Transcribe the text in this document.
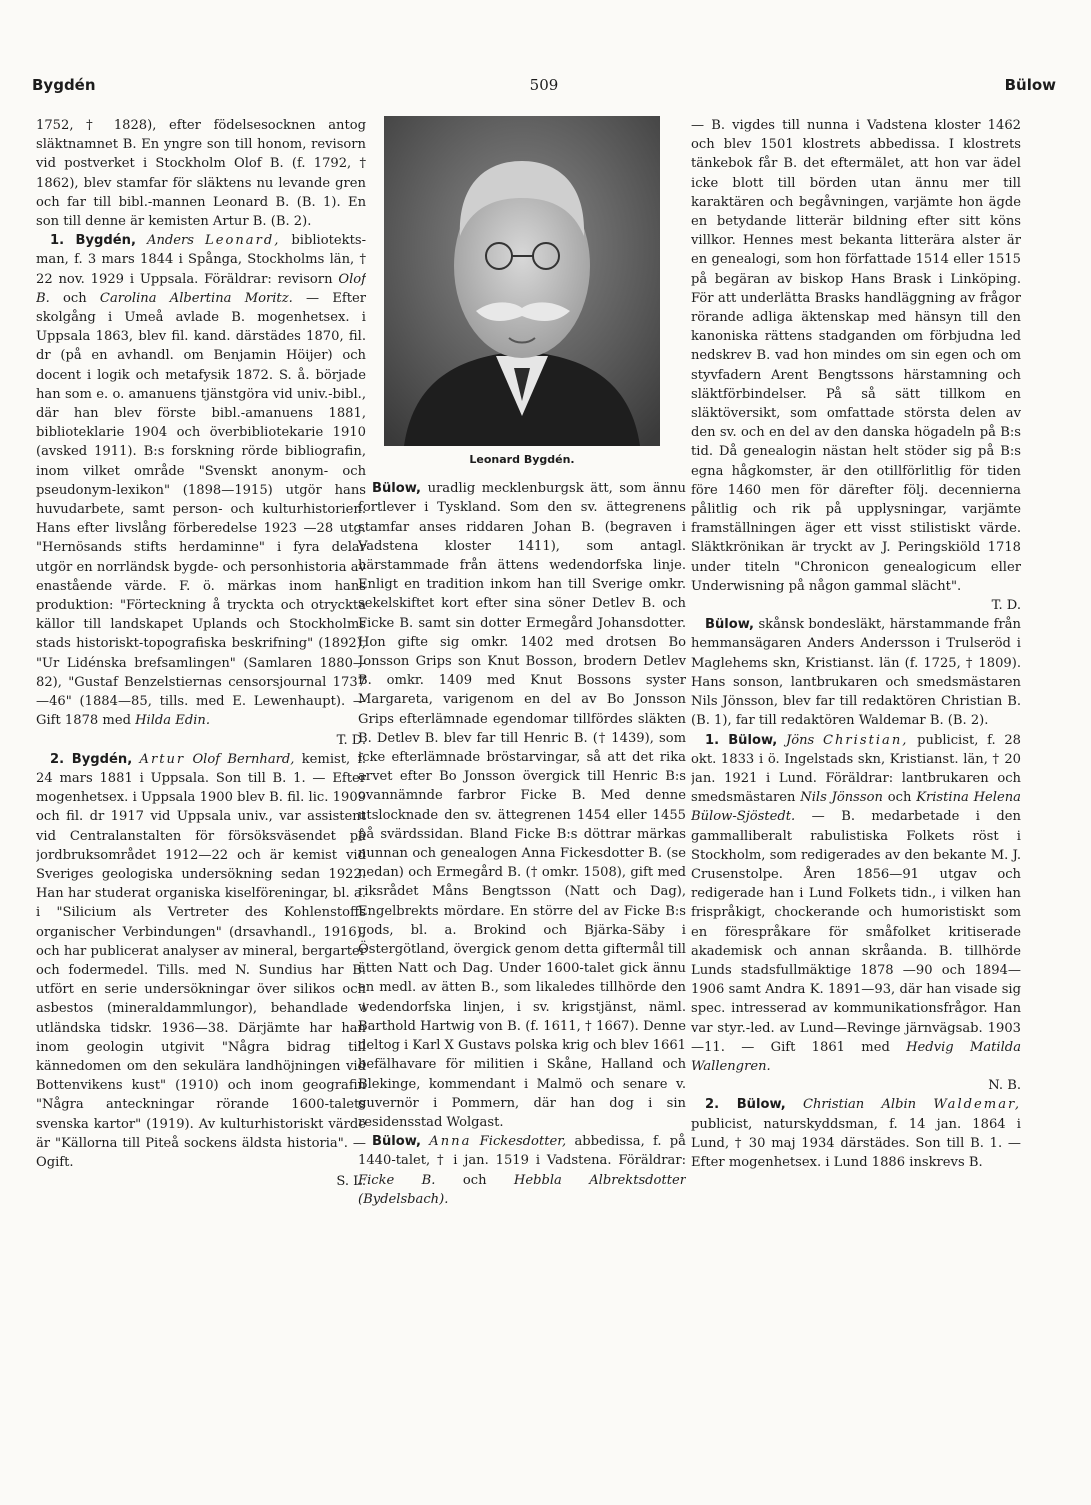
Bygdén	509	Bülow

1752, † 1828), efter födelsesocknen antog släktnamnet B. En yngre son till honom, revisorn vid postverket i Stockholm Olof B. (f. 1792, † 1862), blev stamfar för släktens nu levande gren och far till bibl.-mannen Leonard B. (B. 1). En son till denne är kemisten Artur B. (B. 2).

1. Bygdén, Anders Leonard, bibliotektsman, f. 3 mars 1844 i Spånga, Stockholms län, † 22 nov. 1929 i Uppsala. Föräldrar: revisorn Olof B. och Carolina Albertina Moritz. — Efter skolgång i Umeå avlade B. mogenhetsex. i Uppsala 1863, blev fil. kand. därstädes 1870, fil. dr (på en avhandl. om Benjamin Höijer) och docent i logik och metafysik 1872. S. å. började han som e. o. amanuens tjänstgöra vid univ.-bibl., där han blev förste bibl.-amanuens 1881, biblioteklarie 1904 och överbibliotekarie 1910 (avsked 1911). B:s forskning rörde bibliografin, inom vilket område "Svenskt anonym- och pseudonym-lexikon" (1898—1915) utgör hans huvudarbete, samt person- och kulturhistorien. Hans efter livslång förberedelse 1923 —28 utg. "Hernösands stifts herdaminne" i fyra delar utgör en norrländsk bygde- och personhistoria av enastående värde. F. ö. märkas inom hans produktion: "Förteckning å tryckta och otryckta källor till landskapet Uplands och Stockholms stads historiskt-topografiska beskrifning" (1892), "Ur Lidénska brefsamlingen" (Samlaren 1880—82), "Gustaf Benzelstiernas censorsjournal 1737—46" (1884—85, tills. med E. Lewenhaupt). — Gift 1878 med Hilda Edin.
T. D.

2. Bygdén, Artur Olof Bernhard, kemist, f. 24 mars 1881 i Uppsala. Son till B. 1. — Efter mogenhetsex. i Uppsala 1900 blev B. fil. lic. 1909 och fil. dr 1917 vid Uppsala univ., var assistent vid Centralanstalten för försöksväsendet på jordbruksområdet 1912—22 och är kemist vid Sveriges geologiska undersökning sedan 1922. Han har studerat organiska kiselföreningar, bl. a. i "Silicium als Vertreter des Kohlenstoffs organischer Verbindungen" (drsavhandl., 1916), och har publicerat analyser av mineral, bergarter och fodermedel. Tills. med N. Sundius har B. utfört en serie undersökningar över silikos och asbestos (mineraldammlungor), behandlade i utländska tidskr. 1936—38. Därjämte har han inom geologin utgivit "Några bidrag till kännedomen om den sekulära landhöjningen vid Bottenvikens kust" (1910) och inom geografin "Några anteckningar rörande 1600-talets svenska kartor" (1919). Av kulturhistoriskt värde är "Källorna till Piteå sockens äldsta historia". — Ogift.
S. L.

Leonard Bygdén.

Bülow, uradlig mecklenburgsk ätt, som ännu fortlever i Tyskland. Som den sv. ättegrenens stamfar anses riddaren Johan B. (begraven i Vadstena kloster 1411), som antagl. härstammade från ättens wedendorfska linje. Enligt en tradition inkom han till Sverige omkr. sekelskiftet kort efter sina söner Detlev B. och Ficke B. samt sin dotter Ermegård Johansdotter. Hon gifte sig omkr. 1402 med drotsen Bo Jonsson Grips son Knut Bosson, brodern Detlev B. omkr. 1409 med Knut Bossons syster Margareta, varigenom en del av Bo Jonsson Grips efterlämnade egendomar tillfördes släkten B. Detlev B. blev far till Henric B. († 1439), som icke efterlämnade bröstarvingar, så att det rika arvet efter Bo Jonsson övergick till Henric B:s ovannämnde farbror Ficke B. Med denne utslocknade den sv. ättegrenen 1454 eller 1455 på svärdssidan. Bland Ficke B:s döttrar märkas nunnan och genealogen Anna Fickesdotter B. (se nedan) och Ermegård B. († omkr. 1508), gift med riksrådet Måns Bengtsson (Natt och Dag), Engelbrekts mördare. En större del av Ficke B:s gods, bl. a. Brokind och Bjärka-Säby i Östergötland, övergick genom detta giftermål till ätten Natt och Dag. Under 1600-talet gick ännu en medl. av ätten B., som likaledes tillhörde den wedendorfska linjen, i sv. krigstjänst, näml. Barthold Hartwig von B. (f. 1611, † 1667). Denne deltog i Karl X Gustavs polska krig och blev 1661 befälhavare för militien i Skåne, Halland och Blekinge, kommendant i Malmö och senare v. guvernör i Pommern, där han dog i sin residensstad Wolgast.

Bülow, Anna Fickesdotter, abbedissa, f. på 1440-talet, † i jan. 1519 i Vadstena. Föräldrar: Ficke B. och Hebbla Albrektsdotter (Bydelsbach).

— B. vigdes till nunna i Vadstena kloster 1462 och blev 1501 klostrets abbedissa. I klostrets tänkebok får B. det eftermälet, att hon var ädel icke blott till börden utan ännu mer till karaktären och begåvningen, varjämte hon ägde en betydande litterär bildning efter sitt köns villkor. Hennes mest bekanta litterära alster är en genealogi, som hon författade 1514 eller 1515 på begäran av biskop Hans Brask i Linköping. För att underlätta Brasks handläggning av frågor rörande adliga äktenskap med hänsyn till den kanoniska rättens stadganden om förbjudna led nedskrev B. vad hon mindes om sin egen och om styvfadern Arent Bengtssons härstamning och släktförbindelser. På så sätt tillkom en släktöversikt, som omfattade största delen av den sv. och en del av den danska högadeln på B:s tid. Då genealogin nästan helt stöder sig på B:s egna hågkomster, är den otillförlitlig för tiden före 1460 men för därefter följ. decennierna pålitlig och rik på upplysningar, varjämte framställningen äger ett visst stilistiskt värde. Släktkrönikan är tryckt av J. Peringskiöld 1718 under titeln "Chronicon genealogicum eller Underwisning på någon gammal slächt".
T. D.

Bülow, skånsk bondesläkt, härstammande från hemmansägaren Anders Andersson i Trulseröd i Maglehems skn, Kristianst. län (f. 1725, † 1809). Hans sonson, lantbrukaren och smedsmästaren Nils Jönsson, blev far till redaktören Christian B. (B. 1), far till redaktören Waldemar B. (B. 2).

1. Bülow, Jöns Christian, publicist, f. 28 okt. 1833 i ö. Ingelstads skn, Kristianst. län, † 20 jan. 1921 i Lund. Föräldrar: lantbrukaren och smedsmästaren Nils Jönsson och Kristina Helena Bülow-Sjöstedt. — B. medarbetade i den gammalliberalt rabulistiska Folkets röst i Stockholm, som redigerades av den bekante M. J. Crusenstolpe. Åren 1856—91 utgav och redigerade han i Lund Folkets tidn., i vilken han frispråkigt, chockerande och humoristiskt som en förespråkare för småfolket kritiserade akademisk och annan skråanda. B. tillhörde Lunds stadsfullmäktige 1878 —90 och 1894—1906 samt Andra K. 1891—93, där han visade sig spec. intresserad av kommunikationsfrågor. Han var styr.-led. av Lund—Revinge järnvägsab. 1903—11. — Gift 1861 med Hedvig Matilda Wallengren.
N. B.

2. Bülow, Christian Albin Waldemar, publicist, naturskyddsman, f. 14 jan. 1864 i Lund, † 30 maj 1934 därstädes. Son till B. 1. — Efter mogenhetsex. i Lund 1886 inskrevs B.
